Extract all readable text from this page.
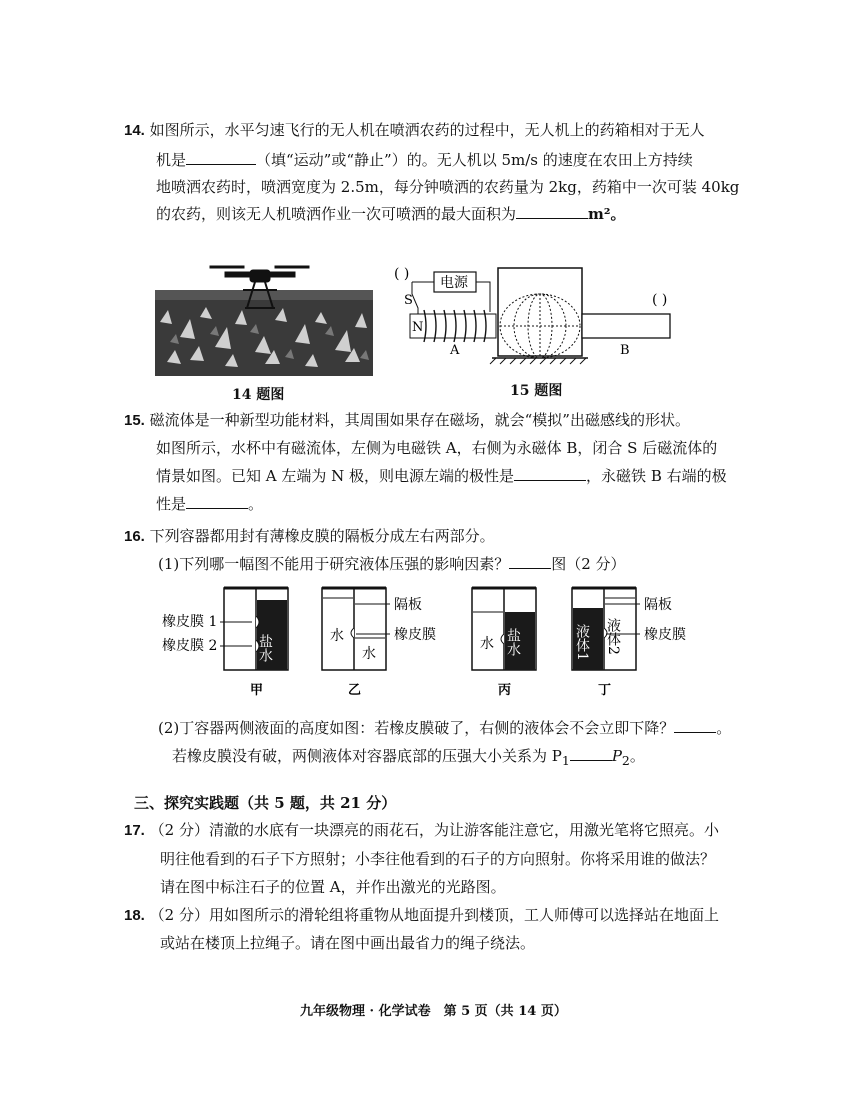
14. 如图所示，水平匀速飞行的无人机在喷洒农药的过程中，无人机上的药箱相对于无人
机是	（填“运动”或“静止”）的。无人机以 5m/s 的速度在农田上方持续
地喷洒农药时，喷洒宽度为 2.5m，每分钟喷洒的农药量为 2kg，药箱中一次可装 40kg
的农药，则该无人机喷洒作业一次可喷洒的最大面积为	m²。
14 题图
( )
电源
S
N
A	B
( )
15 题图
15. 磁流体是一种新型功能材料，其周围如果存在磁场，就会“模拟”出磁感线的形状。
如图所示，水杯中有磁流体，左侧为电磁铁 A，右侧为永磁体 B，闭合 S 后磁流体的
情景如图。已知 A 左端为 N 极，则电源左端的极性是	，永磁铁 B 右端的极
性是	。
16. 下列容器都用封有薄橡皮膜的隔板分成左右两部分。
(1)下列哪一幅图不能用于研究液体压强的影响因素？	图（2 分）
橡皮膜 1
橡皮膜 2	盐水
甲
水
水
隔板
橡皮膜
乙
水 盐水
丙
液体1 液体2
隔板
橡皮膜
丁
(2)丁容器两侧液面的高度如图：若橡皮膜破了，右侧的液体会不会立即下降？	。
若橡皮膜没有破，两侧液体对容器底部的压强大小关系为 $P_1$	$P_2$。
三、探究实践题（共 5 题，共 21 分）
17. （2 分）清澈的水底有一块漂亮的雨花石，为让游客能注意它，用激光笔将它照亮。小
明往他看到的石子下方照射；小李往他看到的石子的方向照射。你将采用谁的做法？
请在图中标注石子的位置 A，并作出激光的光路图。
18. （2 分）用如图所示的滑轮组将重物从地面提升到楼顶，工人师傅可以选择站在地面上
或站在楼顶上拉绳子。请在图中画出最省力的绳子绕法。
九年级物理 · 化学试卷　第 5 页（共 14 页）
